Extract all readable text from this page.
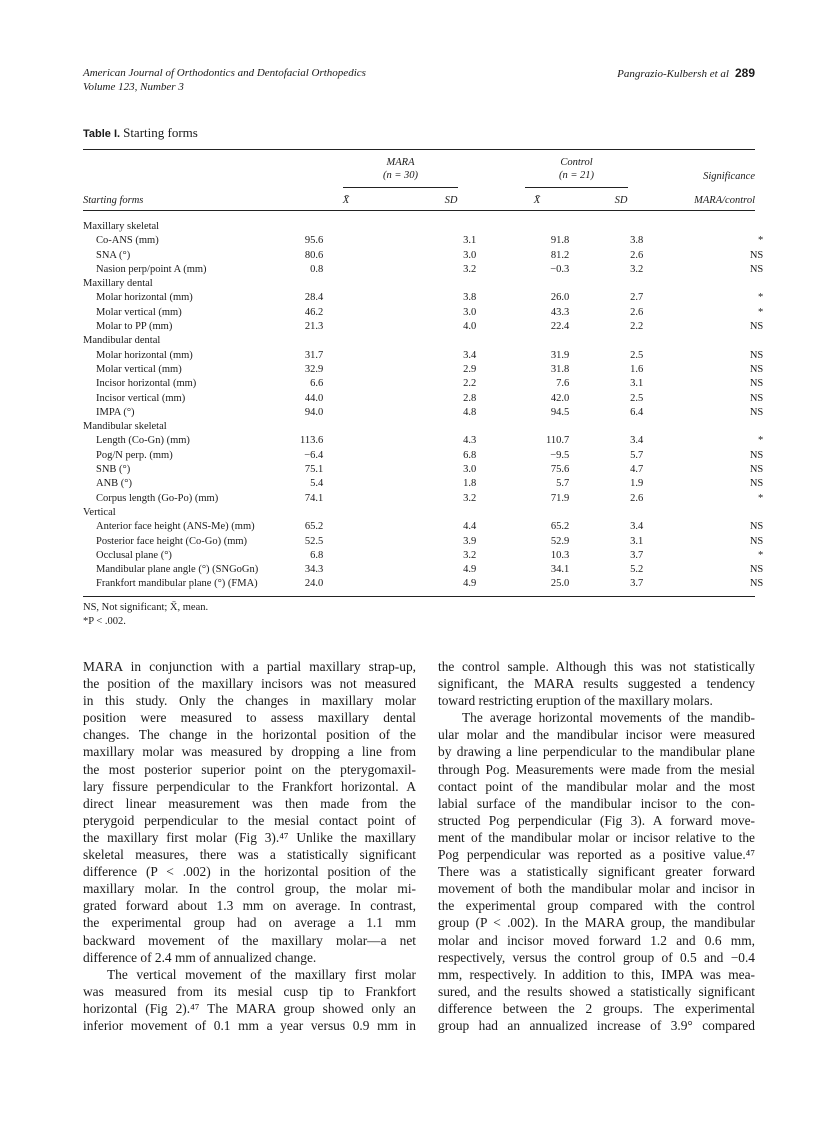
American Journal of Orthodontics and Dentofacial Orthopedics
Volume 123, Number 3
Pangrazio-Kulbersh et al 289
Table I. Starting forms
MARA
(n = 30)
Control
(n = 21)	Significance
Starting forms	X̄	SD	X̄	SD	MARA/control
Maxillary skeletal					
Co-ANS (mm)	95.6	3.1	91.8	3.8	*
SNA (°)	80.6	3.0	81.2	2.6	NS
Nasion perp/point A (mm)	0.8	3.2	−0.3	3.2	NS
Maxillary dental					
Molar horizontal (mm)	28.4	3.8	26.0	2.7	*
Molar vertical (mm)	46.2	3.0	43.3	2.6	*
Molar to PP (mm)	21.3	4.0	22.4	2.2	NS
Mandibular dental					
Molar horizontal (mm)	31.7	3.4	31.9	2.5	NS
Molar vertical (mm)	32.9	2.9	31.8	1.6	NS
Incisor horizontal (mm)	6.6	2.2	7.6	3.1	NS
Incisor vertical (mm)	44.0	2.8	42.0	2.5	NS
IMPA (°)	94.0	4.8	94.5	6.4	NS
Mandibular skeletal					
Length (Co-Gn) (mm)	113.6	4.3	110.7	3.4	*
Pog/N perp. (mm)	−6.4	6.8	−9.5	5.7	NS
SNB (°)	75.1	3.0	75.6	4.7	NS
ANB (°)	5.4	1.8	5.7	1.9	NS
Corpus length (Go-Po) (mm)	74.1	3.2	71.9	2.6	*
Vertical					
Anterior face height (ANS-Me) (mm)	65.2	4.4	65.2	3.4	NS
Posterior face height (Co-Go) (mm)	52.5	3.9	52.9	3.1	NS
Occlusal plane (°)	6.8	3.2	10.3	3.7	*
Mandibular plane angle (°) (SNGoGn)	34.3	4.9	34.1	5.2	NS
Frankfort mandibular plane (°) (FMA)	24.0	4.9	25.0	3.7	NS
NS, Not significant; X̄, mean.
*P < .002.
MARA in conjunction with a partial maxillary strap-up,
the position of the maxillary incisors was not measured
in this study. Only the changes in maxillary molar
position were measured to assess maxillary dental
changes. The change in the horizontal position of the
maxillary molar was measured by dropping a line from
the most posterior superior point on the pterygomaxil-
lary fissure perpendicular to the Frankfort horizontal. A
direct linear measurement was then made from the
pterygoid perpendicular to the mesial contact point of
the maxillary first molar (Fig 3).⁴⁷ Unlike the maxillary
skeletal measures, there was a statistically significant
difference (P < .002) in the horizontal position of the
maxillary molar. In the control group, the molar mi-
grated forward about 1.3 mm on average. In contrast,
the experimental group had on average a 1.1 mm
backward movement of the maxillary molar—a net
difference of 2.4 mm of annualized change.
The vertical movement of the maxillary first molar
was measured from its mesial cusp tip to Frankfort
horizontal (Fig 2).⁴⁷ The MARA group showed only an
inferior movement of 0.1 mm a year versus 0.9 mm in
the control sample. Although this was not statistically
significant, the MARA results suggested a tendency
toward restricting eruption of the maxillary molars.
The average horizontal movements of the mandib-
ular molar and the mandibular incisor were measured
by drawing a line perpendicular to the mandibular plane
through Pog. Measurements were made from the mesial
contact point of the mandibular molar and the most
labial surface of the mandibular incisor to the con-
structed Pog perpendicular (Fig 3). A forward move-
ment of the mandibular molar or incisor relative to the
Pog perpendicular was reported as a positive value.⁴⁷
There was a statistically significant greater forward
movement of both the mandibular molar and incisor in
the experimental group compared with the control
group (P < .002). In the MARA group, the mandibular
molar and incisor moved forward 1.2 and 0.6 mm,
respectively, versus the control group of 0.5 and −0.4
mm, respectively. In addition to this, IMPA was mea-
sured, and the results showed a statistically significant
difference between the 2 groups. The experimental
group had an annualized increase of 3.9° compared
